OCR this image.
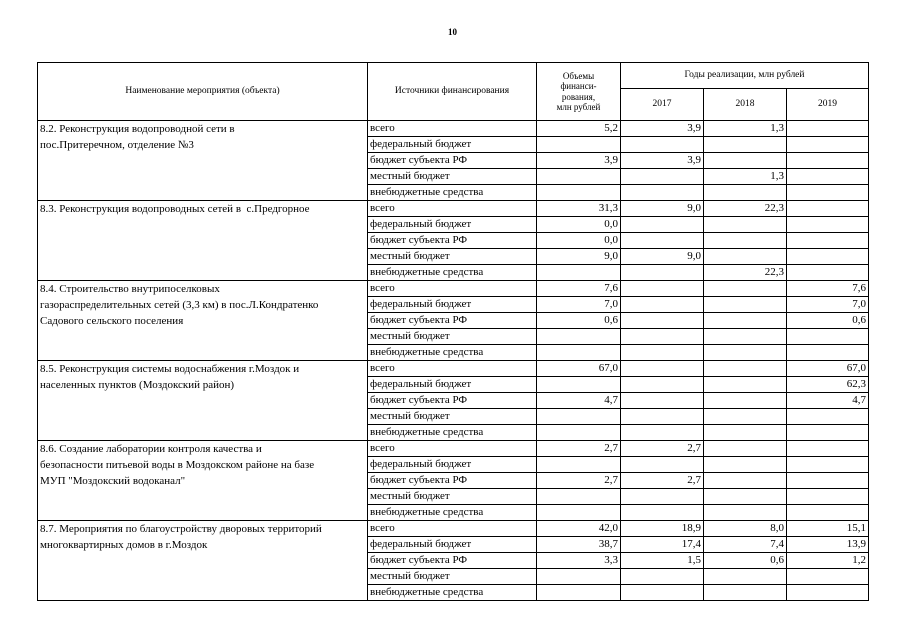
10
Наименование мероприятия (объекта)	Источники финансирования	Объемы
финанси-
рования,
млн рублей	Годы реализации, млн рублей		
			2017	2018	2019
8.2. Реконструкция водопроводной сети в
пос.Притеречном, отделение №3	всего	5,2	3,9	1,3	
	федеральный бюджет				
	бюджет субъекта РФ	3,9	3,9		
	местный бюджет			1,3	
	внебюджетные средства				
8.3. Реконструкция водопроводных сетей в  с.Предгорное	всего	31,3	9,0	22,3	
	федеральный бюджет	0,0			
	бюджет субъекта РФ	0,0			
	местный бюджет	9,0	9,0		
	внебюджетные средства			22,3	
8.4. Строительство внутрипоселковых
газораспределительных сетей (3,3 км) в пос.Л.Кондратенко
Садового сельского поселения	всего	7,6			7,6
	федеральный бюджет	7,0			7,0
	бюджет субъекта РФ	0,6			0,6
	местный бюджет				
	внебюджетные средства				
8.5. Реконструкция системы водоснабжения г.Моздок и
населенных пунктов (Моздокский район)	всего	67,0			67,0
	федеральный бюджет				62,3
	бюджет субъекта РФ	4,7			4,7
	местный бюджет				
	внебюджетные средства				
8.6. Создание лаборатории контроля качества и
безопасности питьевой воды в Моздокском районе на базе
МУП "Моздокский водоканал"	всего	2,7	2,7		
	федеральный бюджет				
	бюджет субъекта РФ	2,7	2,7		
	местный бюджет				
	внебюджетные средства				
8.7. Мероприятия по благоустройству дворовых территорий
многоквартирных домов в г.Моздок	всего	42,0	18,9	8,0	15,1
	федеральный бюджет	38,7	17,4	7,4	13,9
	бюджет субъекта РФ	3,3	1,5	0,6	1,2
	местный бюджет				
	внебюджетные средства				
